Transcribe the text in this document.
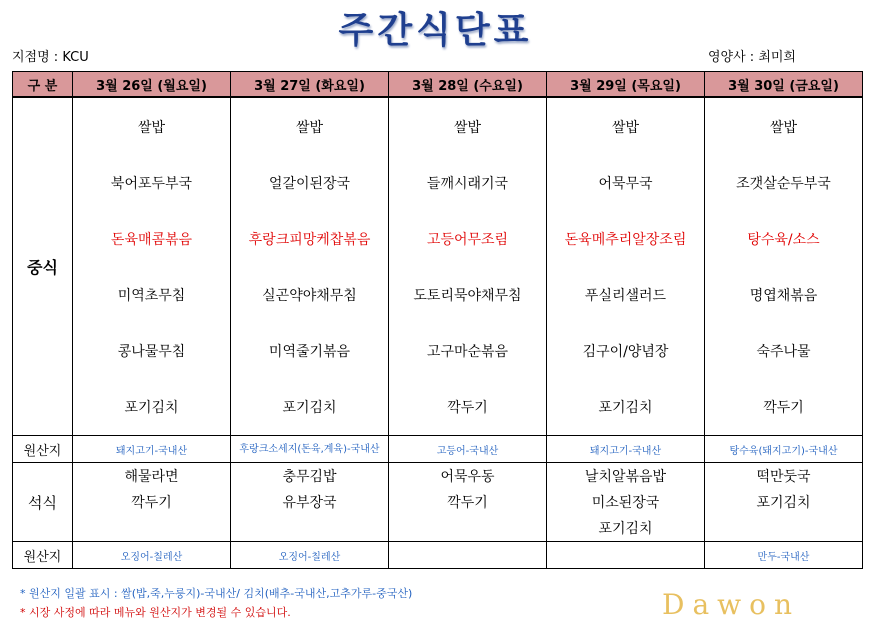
주간식단표
지점명 : KCU	영양사 : 최미희
구 분	3월 26일 (월요일)	3월 27일 (화요일)	3월 28일 (수요일)	3월 29일 (목요일)	3월 30일 (금요일)
중식	쌀밥	쌀밥	쌀밥	쌀밥	쌀밥
	북어포두부국	얼갈이된장국	들깨시래기국	어묵무국	조갯살순두부국
	돈육매콤볶음	후랑크피망케찹볶음	고등어무조림	돈육메추리알장조림	탕수육/소스
	미역초무침	실곤약야채무침	도토리묵야채무침	푸실리샐러드	명엽채볶음
	콩나물무침	미역줄기볶음	고구마순볶음	김구이/양념장	숙주나물
	포기김치	포기김치	깍두기	포기김치	깍두기
원산지	돼지고기-국내산	후랑크소세지(돈육,계육)-국내산	고등어-국내산	돼지고기-국내산	탕수육(돼지고기)-국내산
석식	해물라면	충무김밥	어묵우동	날치알볶음밥	떡만둣국
	깍두기	유부장국	깍두기	미소된장국	포기김치
				포기김치	
원산지	오징어-칠레산	오징어-칠레산			만두-국내산
* 원산지 일괄 표시 : 쌀(밥,죽,누룽지)-국내산/ 김치(배추-국내산,고추가루-중국산)
* 시장 사정에 따라 메뉴와 원산지가 변경될 수 있습니다.	Dawon
